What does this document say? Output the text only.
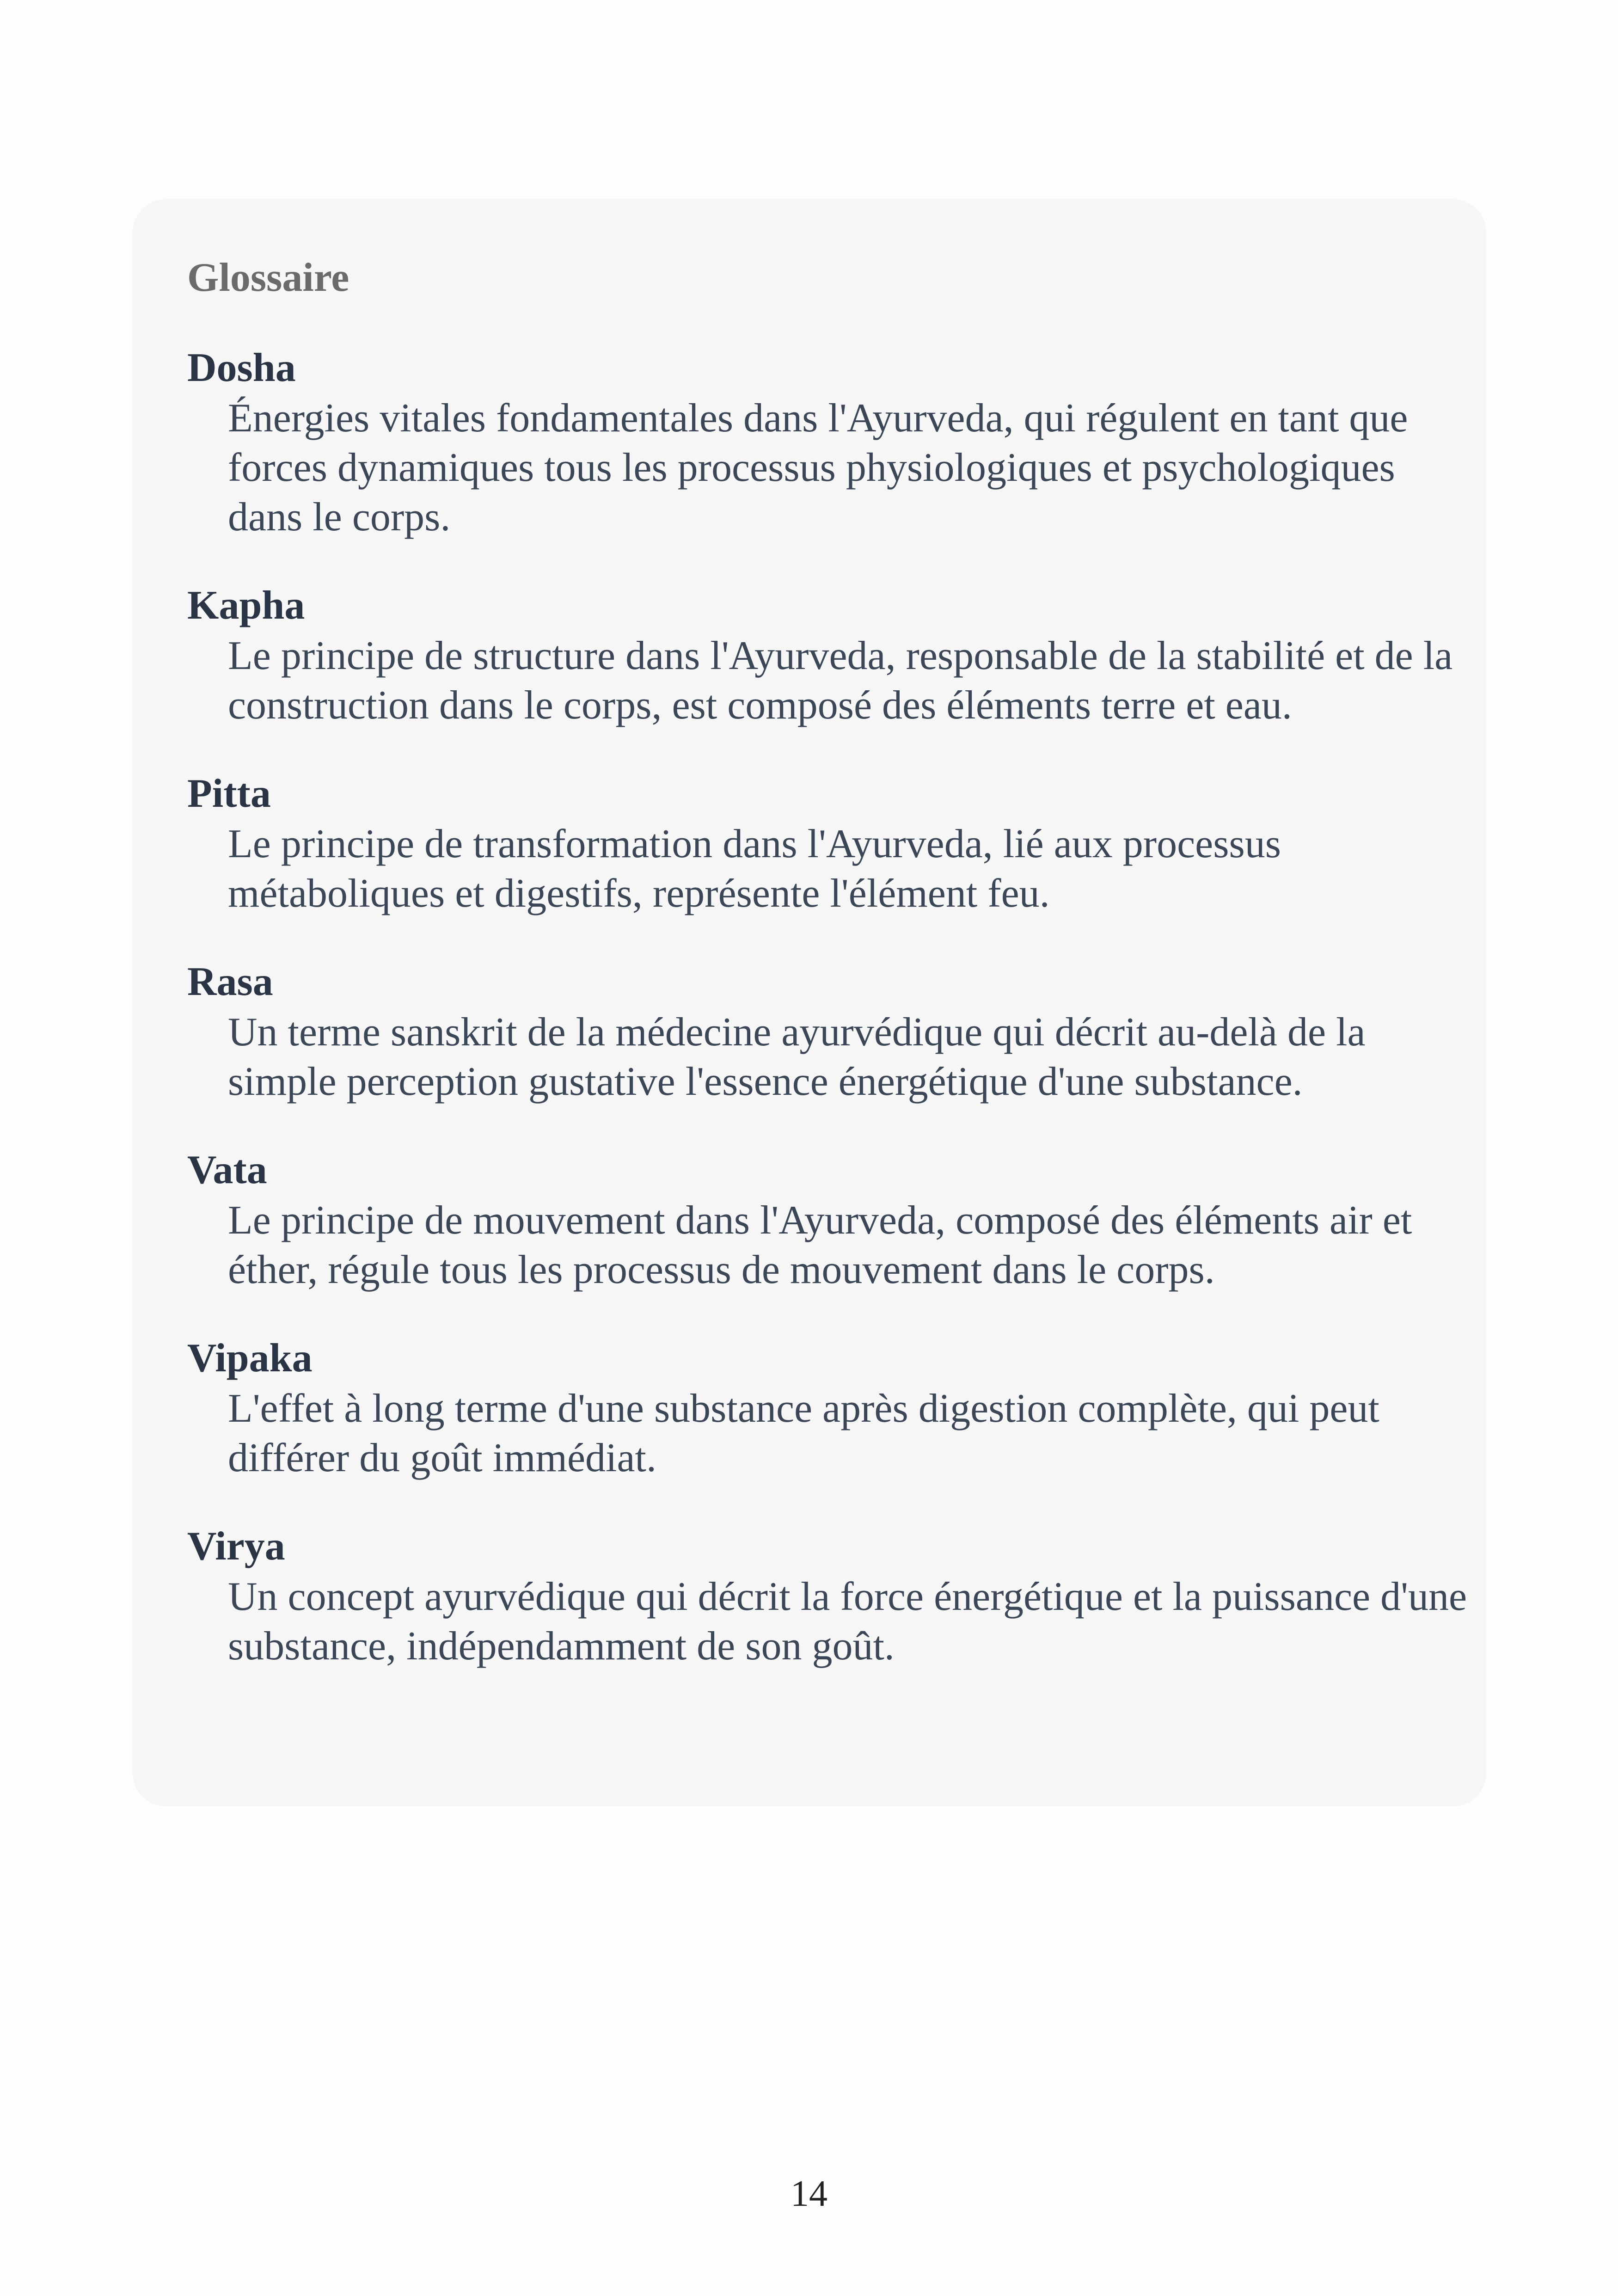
Glossaire
Dosha
Énergies vitales fondamentales dans l'Ayurveda, qui régulent en tant que forces dynamiques tous les processus physiologiques et psychologiques dans le corps.
Kapha
Le principe de structure dans l'Ayurveda, responsable de la stabilité et de la construction dans le corps, est composé des éléments terre et eau.
Pitta
Le principe de transformation dans l'Ayurveda, lié aux processus métaboliques et digestifs, représente l'élément feu.
Rasa
Un terme sanskrit de la médecine ayurvédique qui décrit au-delà de la simple perception gustative l'essence énergétique d'une substance.
Vata
Le principe de mouvement dans l'Ayurveda, composé des éléments air et éther, régule tous les processus de mouvement dans le corps.
Vipaka
L'effet à long terme d'une substance après digestion complète, qui peut différer du goût immédiat.
Virya
Un concept ayurvédique qui décrit la force énergétique et la puissance d'une substance, indépendamment de son goût.
14
